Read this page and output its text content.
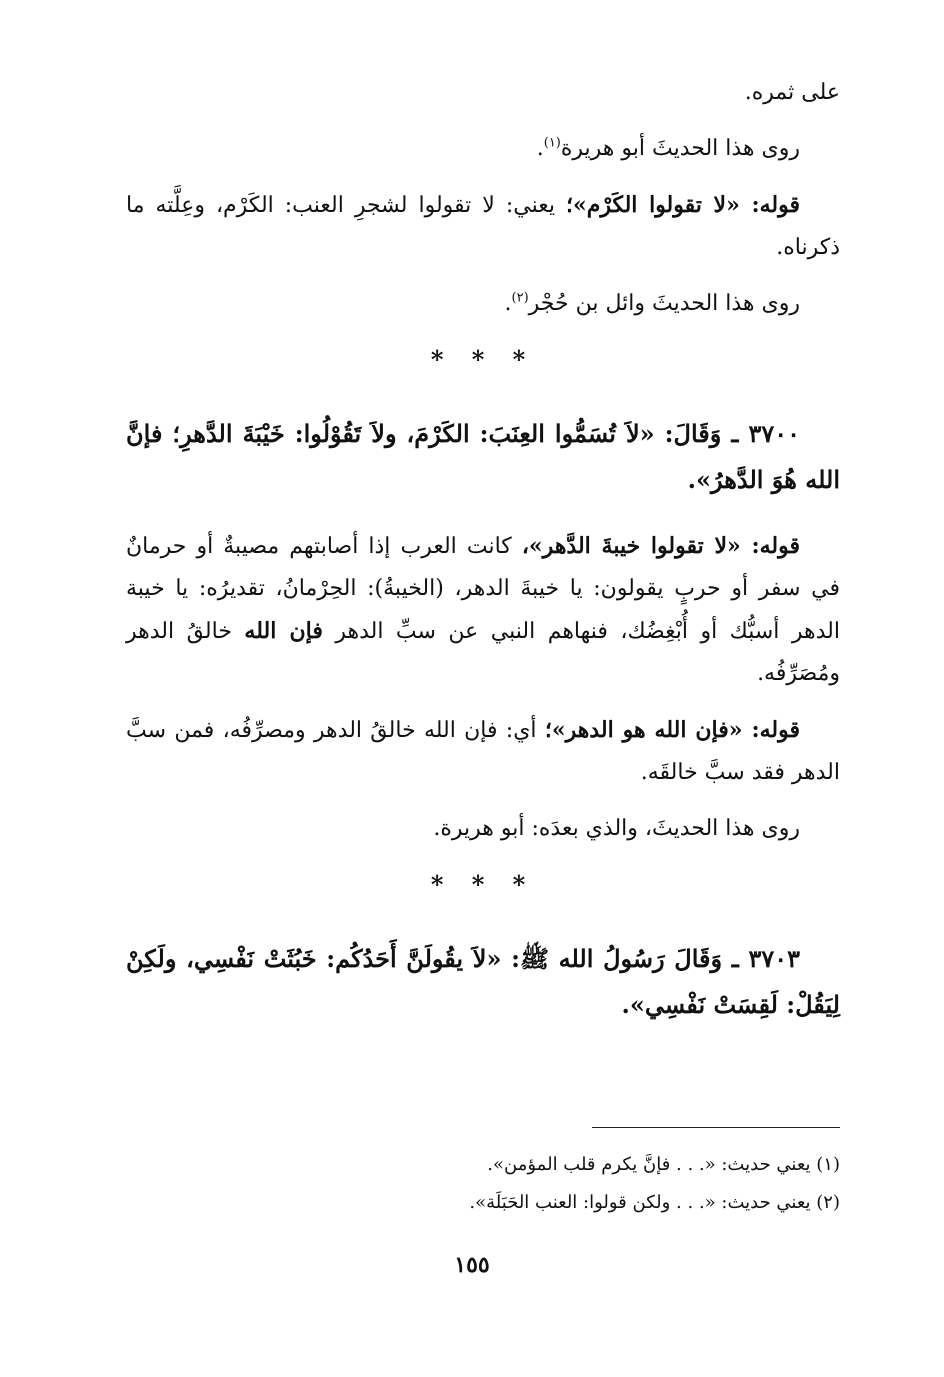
على ثمره.

روى هذا الحديثَ أبو هريرة$^{(١)}$.

قوله: «لا تقولوا الكَرْم»؛ يعني: لا تقولوا لشجرِ العنب: الكَرْم، وعِلَّته ما ذكرناه.

روى هذا الحديثَ وائل بن حُجْر$^{(٢)}$.

* * *

٣٧٠٠ ـ وَقَالَ: «لاَ تُسَمُّوا العِنَبَ: الكَرْمَ، ولاَ تَقُوْلُوا: خَيْبَةَ الدَّهرِ؛ فإنَّ الله هُوَ الدَّهرُ».

قوله: «لا تقولوا خيبةَ الدَّهر»، كانت العرب إذا أصابتهم مصيبةٌ أو حرمانٌ في سفر أو حربٍ يقولون: يا خيبةَ الدهر، (الخيبةُ): الحِرْمانُ، تقديرُه: يا خيبة الدهر أسبُّك أو أُبْغِضُك، فنهاهم النبي عن سبِّ الدهر فإن الله خالقُ الدهر ومُصَرِّفُه.

قوله: «فإن الله هو الدهر»؛ أي: فإن الله خالقُ الدهر ومصرِّفُه، فمن سبَّ الدهر فقد سبَّ خالقَه.

روى هذا الحديثَ، والذي بعدَه: أبو هريرة.

* * *

٣٧٠٣ ـ وَقَالَ رَسُولُ الله ﷺ: «لاَ يقُولَنَّ أَحَدُكُم: خَبُثَتْ نَفْسِي، ولَكِنْ لِيَقُلْ: لَقِسَتْ نَفْسِي».

(١) يعني حديث: «. . . فإنَّ يكرم قلب المؤمن».

(٢) يعني حديث: «. . . ولكن قولوا: العنب الحَبَلَة».

١٥٥
